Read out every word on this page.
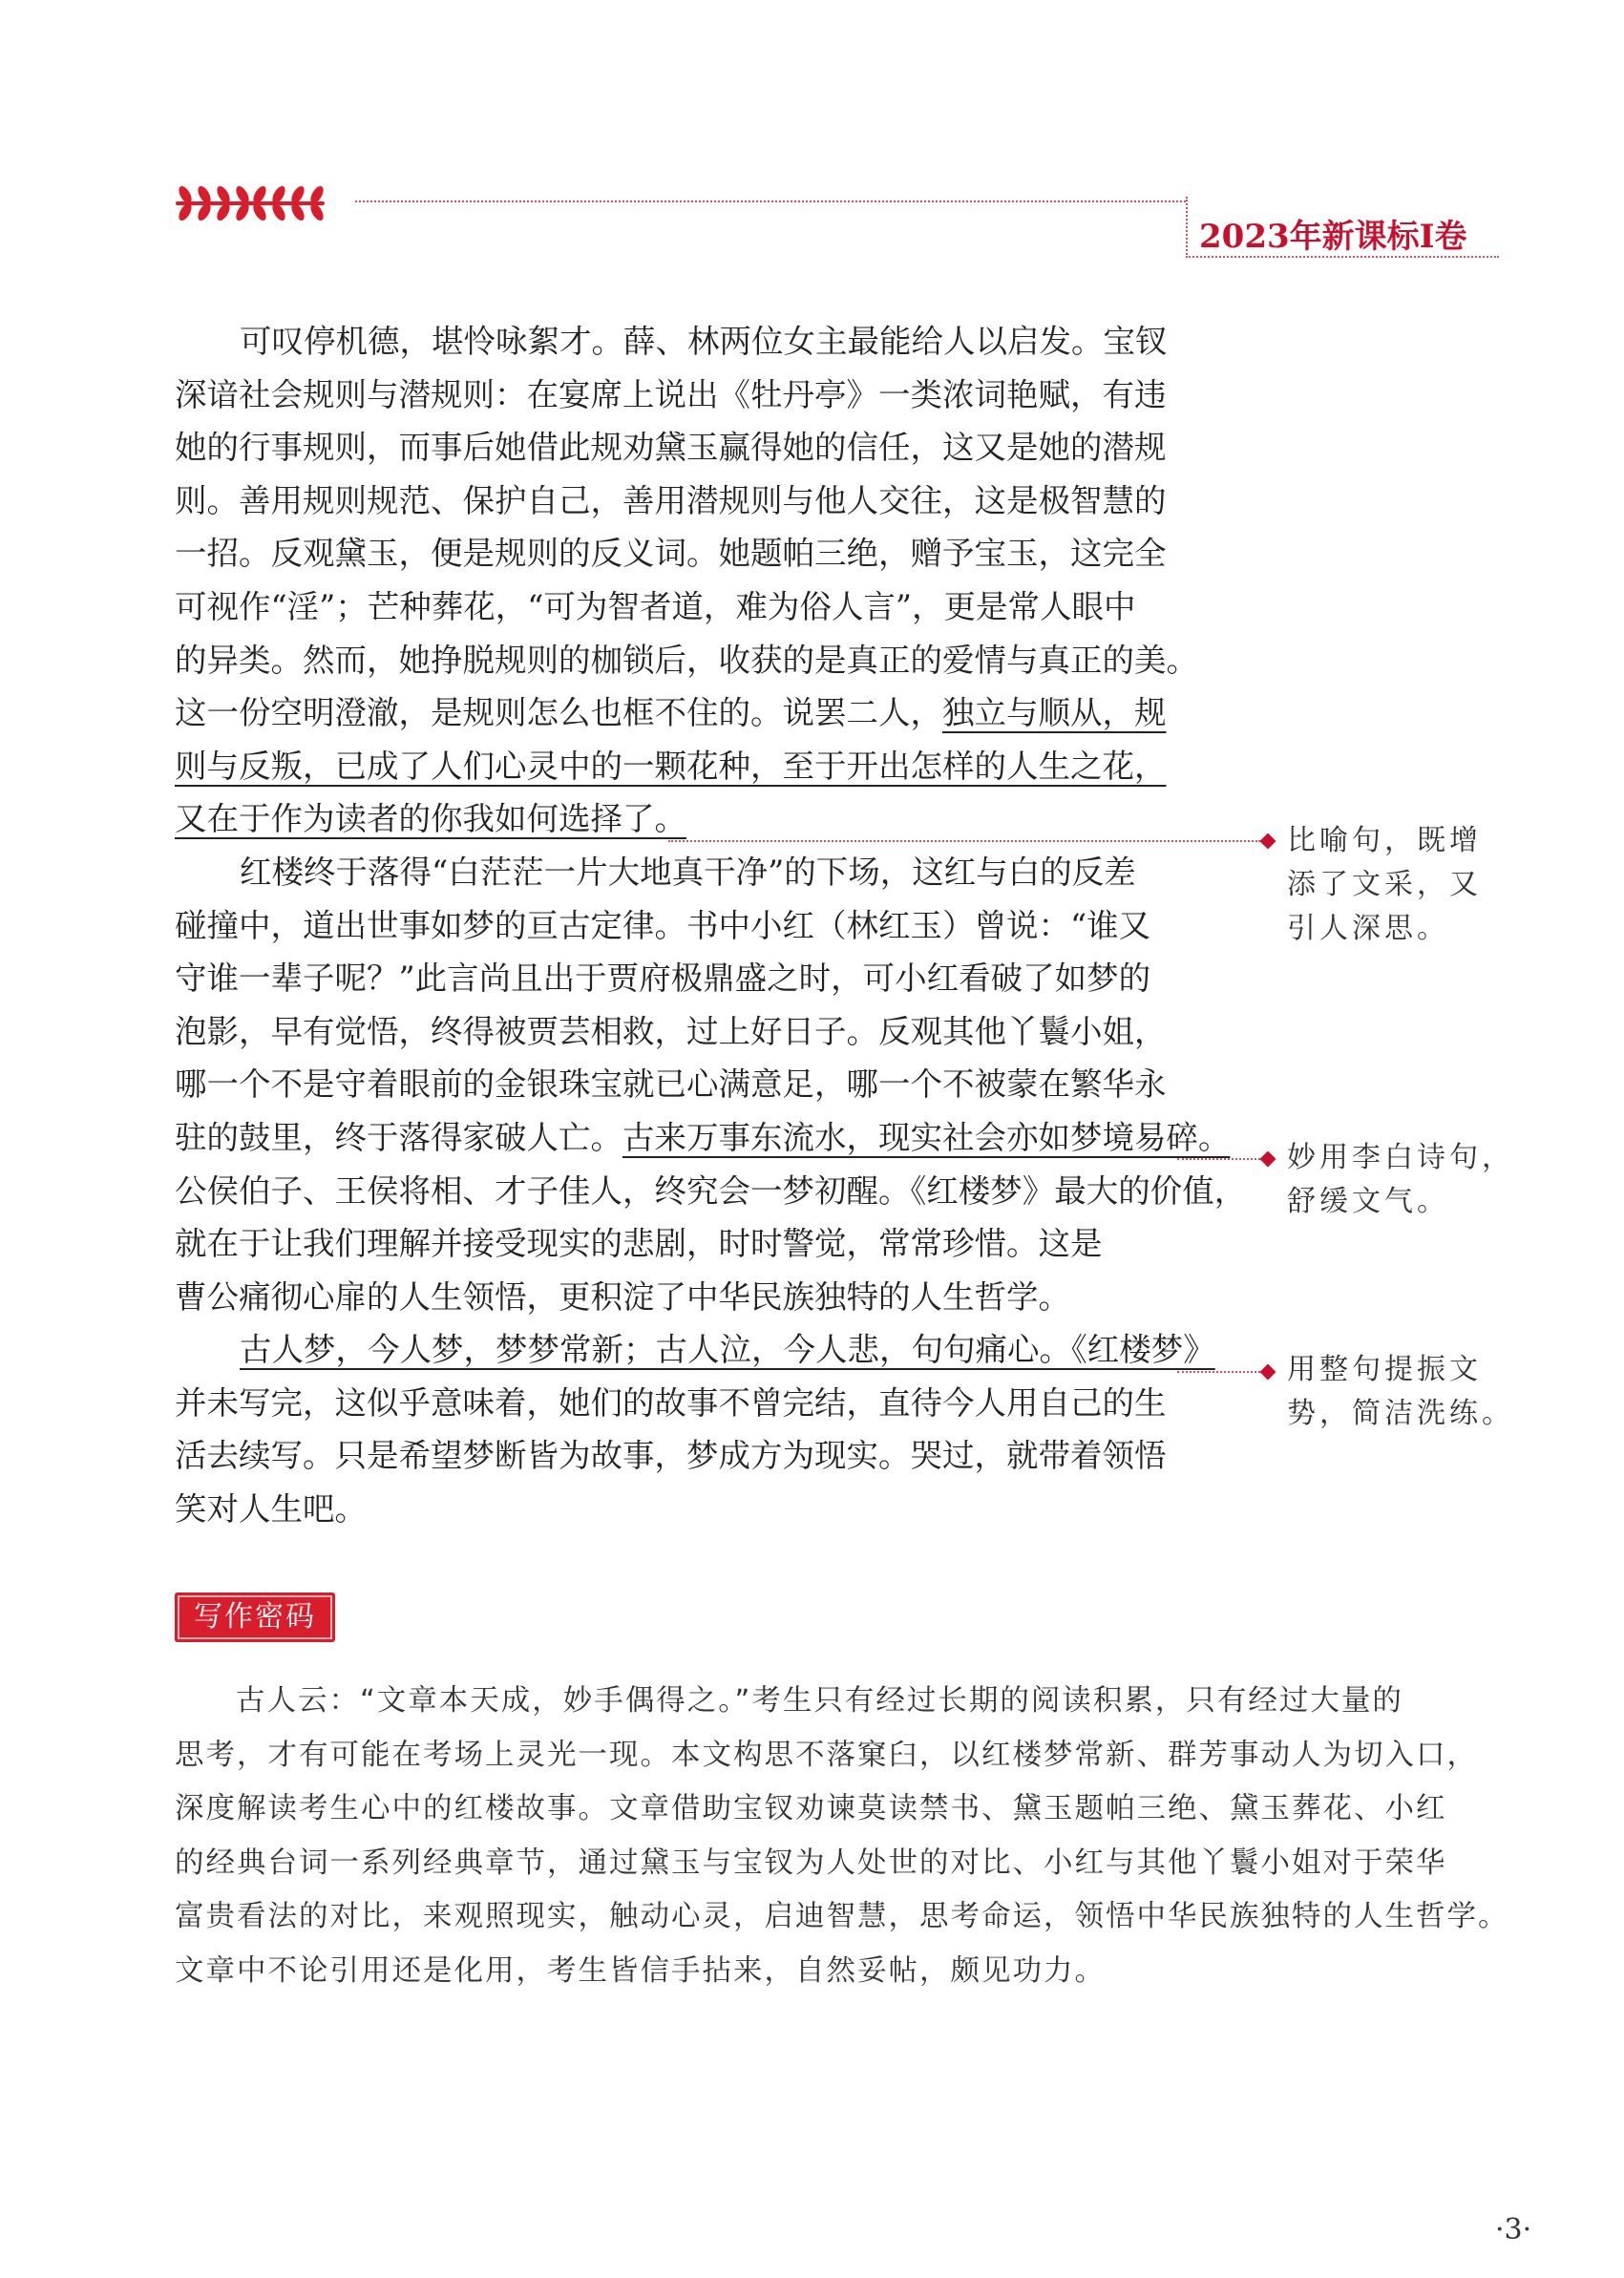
2023年新课标Ⅰ卷
可叹停机德，堪怜咏絮才。薛、林两位女主最能给人以启发。宝钗
深谙社会规则与潜规则：在宴席上说出《牡丹亭》一类浓词艳赋，有违
她的行事规则，而事后她借此规劝黛玉赢得她的信任，这又是她的潜规
则。善用规则规范、保护自己，善用潜规则与他人交往，这是极智慧的
一招。反观黛玉，便是规则的反义词。她题帕三绝，赠予宝玉，这完全
可视作“淫”；芒种葬花，“可为智者道，难为俗人言”，更是常人眼中
的异类。然而，她挣脱规则的枷锁后，收获的是真正的爱情与真正的美。
这一份空明澄澈，是规则怎么也框不住的。说罢二人，独立与顺从，规
则与反叛，已成了人们心灵中的一颗花种，至于开出怎样的人生之花，
又在于作为读者的你我如何选择了。
红楼终于落得“白茫茫一片大地真干净”的下场，这红与白的反差
碰撞中，道出世事如梦的亘古定律。书中小红（林红玉）曾说：“谁又
守谁一辈子呢？”此言尚且出于贾府极鼎盛之时，可小红看破了如梦的
泡影，早有觉悟，终得被贾芸相救，过上好日子。反观其他丫鬟小姐，
哪一个不是守着眼前的金银珠宝就已心满意足，哪一个不被蒙在繁华永
驻的鼓里，终于落得家破人亡。古来万事东流水，现实社会亦如梦境易碎。
公侯伯子、王侯将相、才子佳人，终究会一梦初醒。《红楼梦》最大的价值，
就在于让我们理解并接受现实的悲剧，时时警觉，常常珍惜。这是
曹公痛彻心扉的人生领悟，更积淀了中华民族独特的人生哲学。
古人梦，今人梦，梦梦常新；古人泣，今人悲，句句痛心。《红楼梦》
并未写完，这似乎意味着，她们的故事不曾完结，直待今人用自己的生
活去续写。只是希望梦断皆为故事，梦成方为现实。哭过，就带着领悟
笑对人生吧。
比喻句，既增
添了文采，又
引人深思。
妙用李白诗句，
舒缓文气。
用整句提振文
势，简洁洗练。
写作密码
古人云：“文章本天成，妙手偶得之。”考生只有经过长期的阅读积累，只有经过大量的
思考，才有可能在考场上灵光一现。本文构思不落窠臼，以红楼梦常新、群芳事动人为切入口，
深度解读考生心中的红楼故事。文章借助宝钗劝谏莫读禁书、黛玉题帕三绝、黛玉葬花、小红
的经典台词一系列经典章节，通过黛玉与宝钗为人处世的对比、小红与其他丫鬟小姐对于荣华
富贵看法的对比，来观照现实，触动心灵，启迪智慧，思考命运，领悟中华民族独特的人生哲学。
文章中不论引用还是化用，考生皆信手拈来，自然妥帖，颇见功力。
·3·
